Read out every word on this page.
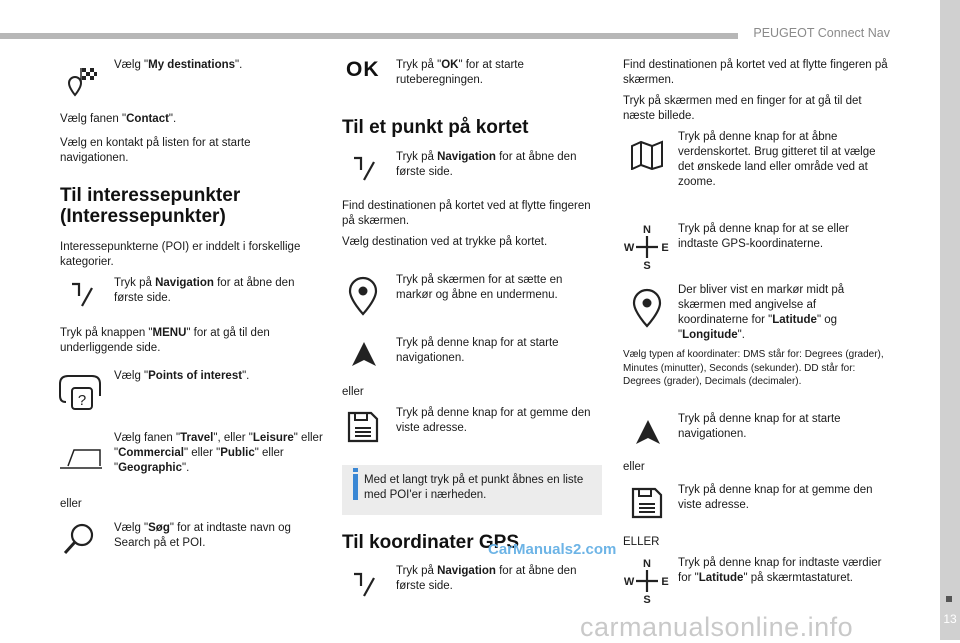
PEUGEOT Connect Nav
13
Vælg "My destinations".
Vælg fanen "Contact".
Vælg en kontakt på listen for at starte navigationen.
Til interessepunkter (Interessepunkter)
Interessepunkterne (POI) er inddelt i forskellige kategorier.
Tryk på Navigation for at åbne den første side.
Tryk på knappen "MENU" for at gå til den underliggende side.
?
Vælg "Points of interest".
Vælg fanen "Travel", eller "Leisure" eller "Commercial" eller "Public" eller "Geographic".
eller
Vælg "Søg" for at indtaste navn og Search på et POI.
OK Tryk på "OK" for at starte ruteberegningen.
Til et punkt på kortet
Tryk på Navigation for at åbne den første side.
Find destinationen på kortet ved at flytte fingeren på skærmen.
Vælg destination ved at trykke på kortet.
Tryk på skærmen for at sætte en markør og åbne en undermenu.
Tryk på denne knap for at starte navigationen.
eller
Tryk på denne knap for at gemme den viste adresse.
Med et langt tryk på et punkt åbnes en liste med POI'er i nærheden.
Til koordinater GPS
CarManuals2.com
Tryk på Navigation for at åbne den første side.
Find destinationen på kortet ved at flytte fingeren på skærmen.
Tryk på skærmen med en finger for at gå til det næste billede.
Tryk på denne knap for at åbne verdenskortet. Brug gitteret til at vælge det ønskede land eller område ved at zoome.
N
S
W E
Tryk på denne knap for at se eller indtaste GPS-koordinaterne.
Der bliver vist en markør midt på skærmen med angivelse af koordinaterne for "Latitude" og "Longitude".
Vælg typen af koordinater: DMS står for: Degrees (grader), Minutes (minutter), Seconds (sekunder). DD står for: Degrees (grader), Decimals (decimaler).
Tryk på denne knap for at starte navigationen.
eller
Tryk på denne knap for at gemme den viste adresse.
ELLER
N
S
W E
Tryk på denne knap for indtaste værdier for "Latitude" på skærmtastaturet.
carmanualsonline.info
